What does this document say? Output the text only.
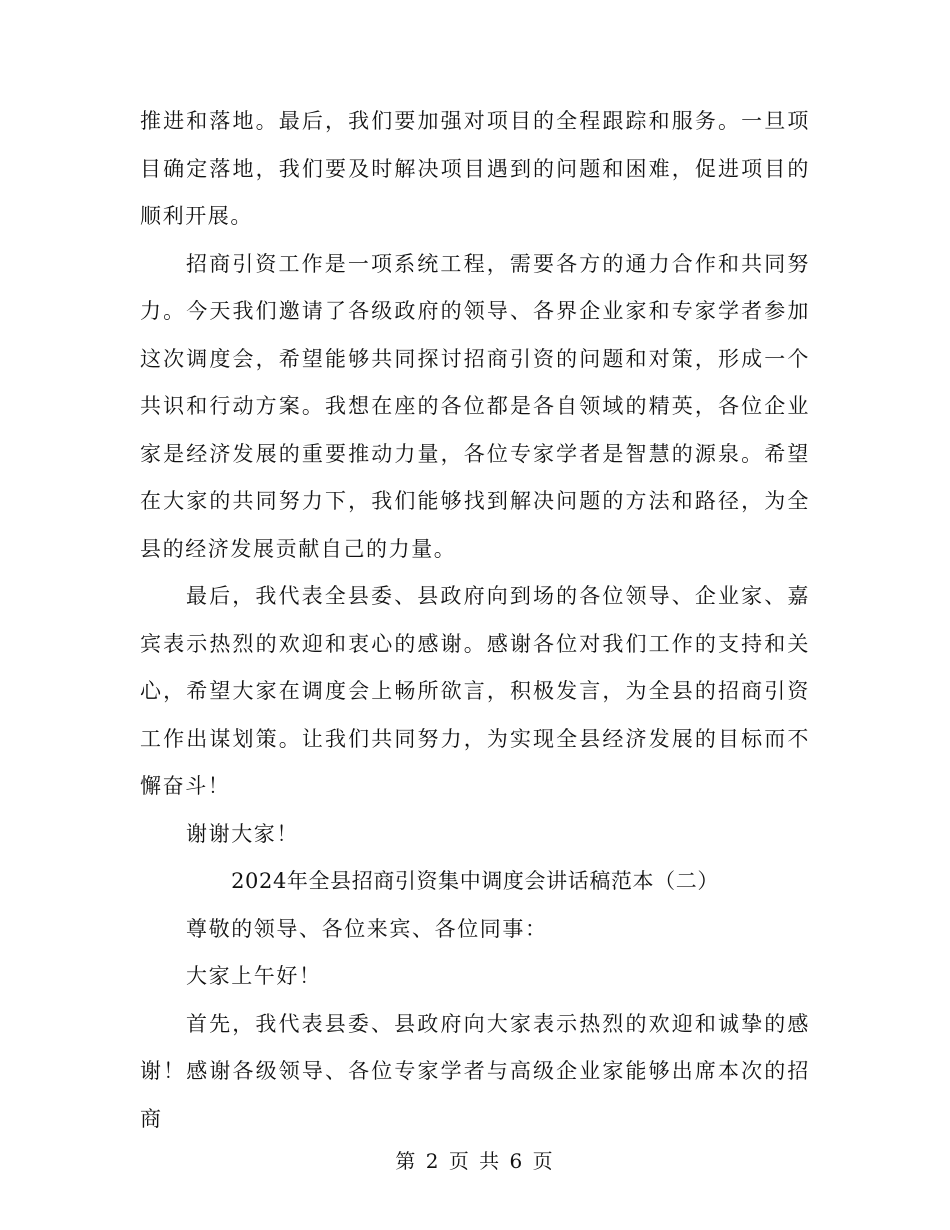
推进和落地。最后，我们要加强对项目的全程跟踪和服务。一旦项目确定落地，我们要及时解决项目遇到的问题和困难，促进项目的顺利开展。

招商引资工作是一项系统工程，需要各方的通力合作和共同努力。今天我们邀请了各级政府的领导、各界企业家和专家学者参加这次调度会，希望能够共同探讨招商引资的问题和对策，形成一个共识和行动方案。我想在座的各位都是各自领域的精英，各位企业家是经济发展的重要推动力量，各位专家学者是智慧的源泉。希望在大家的共同努力下，我们能够找到解决问题的方法和路径，为全县的经济发展贡献自己的力量。

最后，我代表全县委、县政府向到场的各位领导、企业家、嘉宾表示热烈的欢迎和衷心的感谢。感谢各位对我们工作的支持和关心，希望大家在调度会上畅所欲言，积极发言，为全县的招商引资工作出谋划策。让我们共同努力，为实现全县经济发展的目标而不懈奋斗！

谢谢大家！

2024年全县招商引资集中调度会讲话稿范本（二）

尊敬的领导、各位来宾、各位同事：

大家上午好！

首先，我代表县委、县政府向大家表示热烈的欢迎和诚挚的感谢！感谢各级领导、各位专家学者与高级企业家能够出席本次的招商

第 2 页 共 6 页
